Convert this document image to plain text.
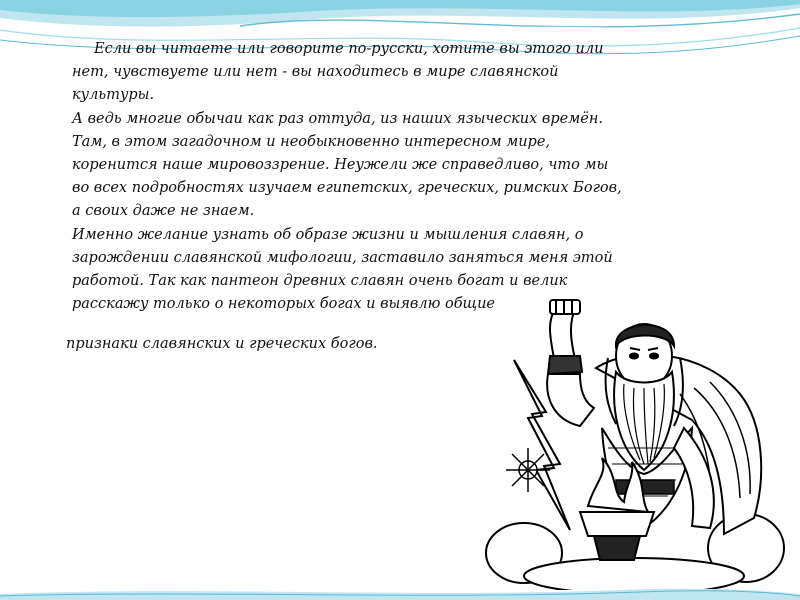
Если вы читаете или говорите по-русски, хотите вы этого или

нет, чувствуете или нет - вы находитесь в мире славянской

культуры.

А ведь многие обычаи как раз оттуда, из наших языческих времён.

Там, в этом загадочном и необыкновенно интересном мире,

коренится наше мировоззрение. Неужели же справедливо, что мы

во всех подробностях изучаем египетских, греческих, римских Богов,

а своих даже не знаем.

Именно желание узнать об образе жизни и мышления славян, о

зарождении славянской мифологии, заставило заняться меня этой

работой. Так как пантеон древних славян очень богат и велик

расскажу только о некоторых богах и выявлю общие

признаки славянских и греческих богов.
